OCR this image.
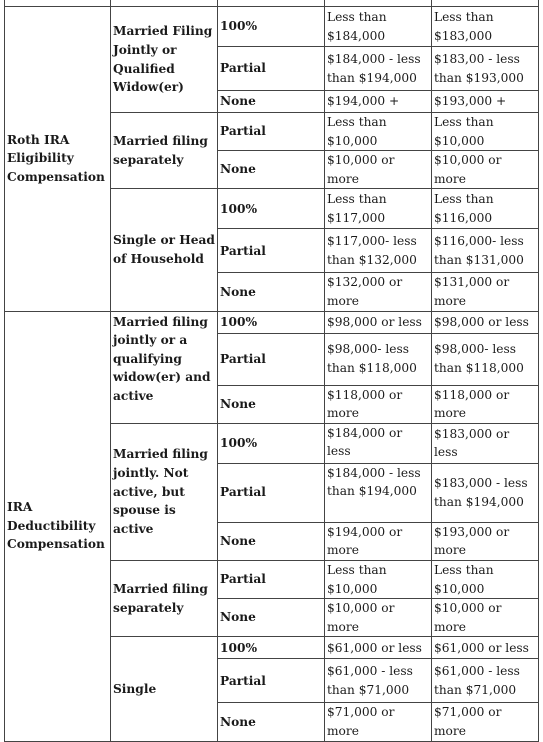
Roth IRA Eligibility Compensation	Married Filing Jointly or Qualified Widow(er)	100%	Less than $184,000	Less than $183,000
		Partial	$184,000 - less than $194,000	$183,00 - less than $193,000
		None	$194,000 +	$193,000 +
	Married filing separately	Partial	Less than $10,000	Less than $10,000
		None	$10,000 or more	$10,000 or more
	Single or Head of Household	100%	Less than $117,000	Less than $116,000
		Partial	$117,000- less than $132,000	$116,000- less than $131,000
		None	$132,000 or more	$131,000 or more
IRA Deductibility Compensation	Married filing jointly or a qualifying widow(er) and active	100%	$98,000 or less	$98,000 or less
		Partial	$98,000- less than $118,000	$98,000- less than $118,000
		None	$118,000 or more	$118,000 or more
	Married filing jointly. Not active, but spouse is active	100%	$184,000 or less	$183,000 or less
		Partial	$184,000 - less than $194,000	$183,000 - less than $194,000
		None	$194,000 or more	$193,000 or more
	Married filing separately	Partial	Less than $10,000	Less than $10,000
		None	$10,000 or more	$10,000 or more
	Single	100%	$61,000 or less	$61,000 or less
		Partial	$61,000 - less than $71,000	$61,000 - less than $71,000
		None	$71,000 or more	$71,000 or more
